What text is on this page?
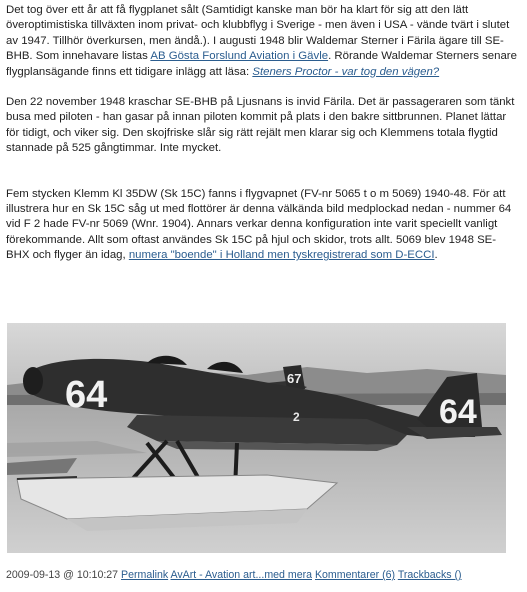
Det tog över ett år att få flygplanet sålt (Samtidigt kanske man bör ha klart för sig att den lätt överoptimistiska tillväxten inom privat- och klubbflyg i Sverige - men även i USA - vände tvärt i slutet av 1947. Tillhör överkursen, men ändå.). I augusti 1948 blir Waldemar Sterner i Färila ägare till SE-BHB. Som innehavare listas AB Gösta Forslund Aviation i Gävle. Rörande Waldemar Sterners senare flygplansägande finns ett tidigare inlägg att läsa: Steners Proctor - var tog den vägen?

Den 22 november 1948 kraschar SE-BHB på Ljusnans is invid Färila. Det är passageraren som tänkt busa med piloten - han gasar på innan piloten kommit på plats i den bakre sittbrunnen. Planet lättar för tidigt, och viker sig. Den skojfriske slår sig rätt rejält men klarar sig och Klemmens totala flygtid stannade på 525 gångtimmar. Inte mycket.

Fem stycken Klemm Kl 35DW (Sk 15C) fanns i flygvapnet (FV-nr 5065 t o m 5069) 1940-48. För att illustrera hur en Sk 15C såg ut med flottörer är denna välkända bild medplockad nedan - nummer 64 vid F 2 hade FV-nr 5069 (Wnr. 1904). Annars verkar denna konfiguration inte varit speciellt vanligt förekommande. Allt som oftast användes Sk 15C på hjul och skidor, trots allt. 5069 blev 1948 SE-BHX och flyger än idag, numera "boende" i Holland men tyskregistrerad som D-ECCI.

67
64	64
2
2009-09-13 @ 10:10:27 Permalink AvArt - Avation art...med mera Kommentarer (6) Trackbacks ()
